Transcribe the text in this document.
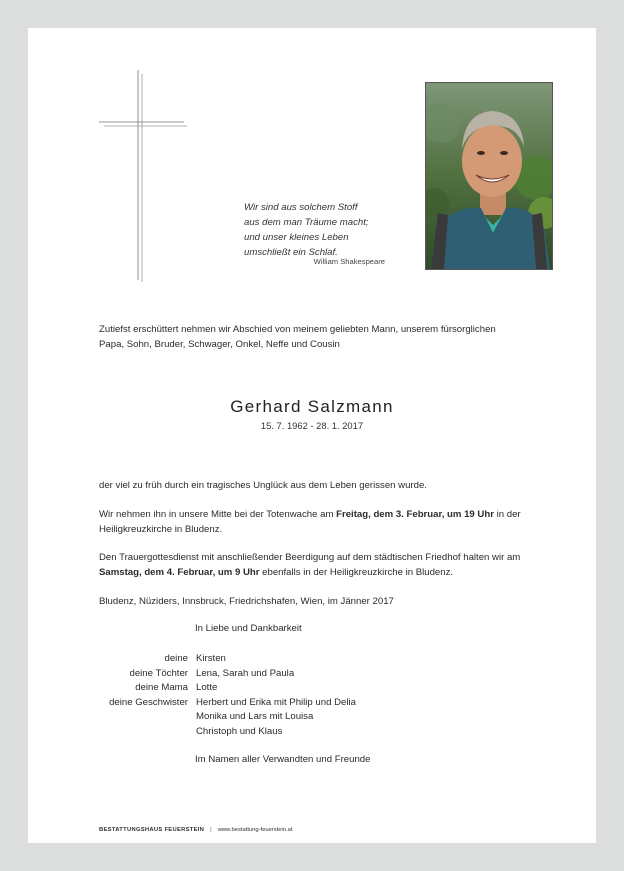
Wir sind aus solchem Stoff
aus dem man Träume macht;
und unser kleines Leben
umschließt ein Schlaf.
William Shakespeare
Zutiefst erschüttert nehmen wir Abschied von meinem geliebten Mann, unserem fürsorglichen
Papa, Sohn, Bruder, Schwager, Onkel, Neffe und Cousin
Gerhard Salzmann
15. 7. 1962 - 28. 1. 2017
der viel zu früh durch ein tragisches Unglück aus dem Leben gerissen wurde.
Wir nehmen ihn in unsere Mitte bei der Totenwache am Freitag, dem 3. Februar, um 19 Uhr in der Heiligkreuzkirche in Bludenz.
Den Trauergottesdienst mit anschließender Beerdigung auf dem städtischen Friedhof halten wir am Samstag, dem 4. Februar, um 9 Uhr ebenfalls in der Heiligkreuzkirche in Bludenz.
Bludenz, Nüziders, Innsbruck, Friedrichshafen, Wien, im Jänner 2017
In Liebe und Dankbarkeit
deine Kirsten
deine Töchter Lena, Sarah und Paula
deine Mama Lotte
deine Geschwister Herbert und Erika mit Philip und Delia
Monika und Lars mit Louisa
Christoph und Klaus
Im Namen aller Verwandten und Freunde
BESTATTUNGSHAUS FEUERSTEIN | www.bestattung-feuerstein.at
